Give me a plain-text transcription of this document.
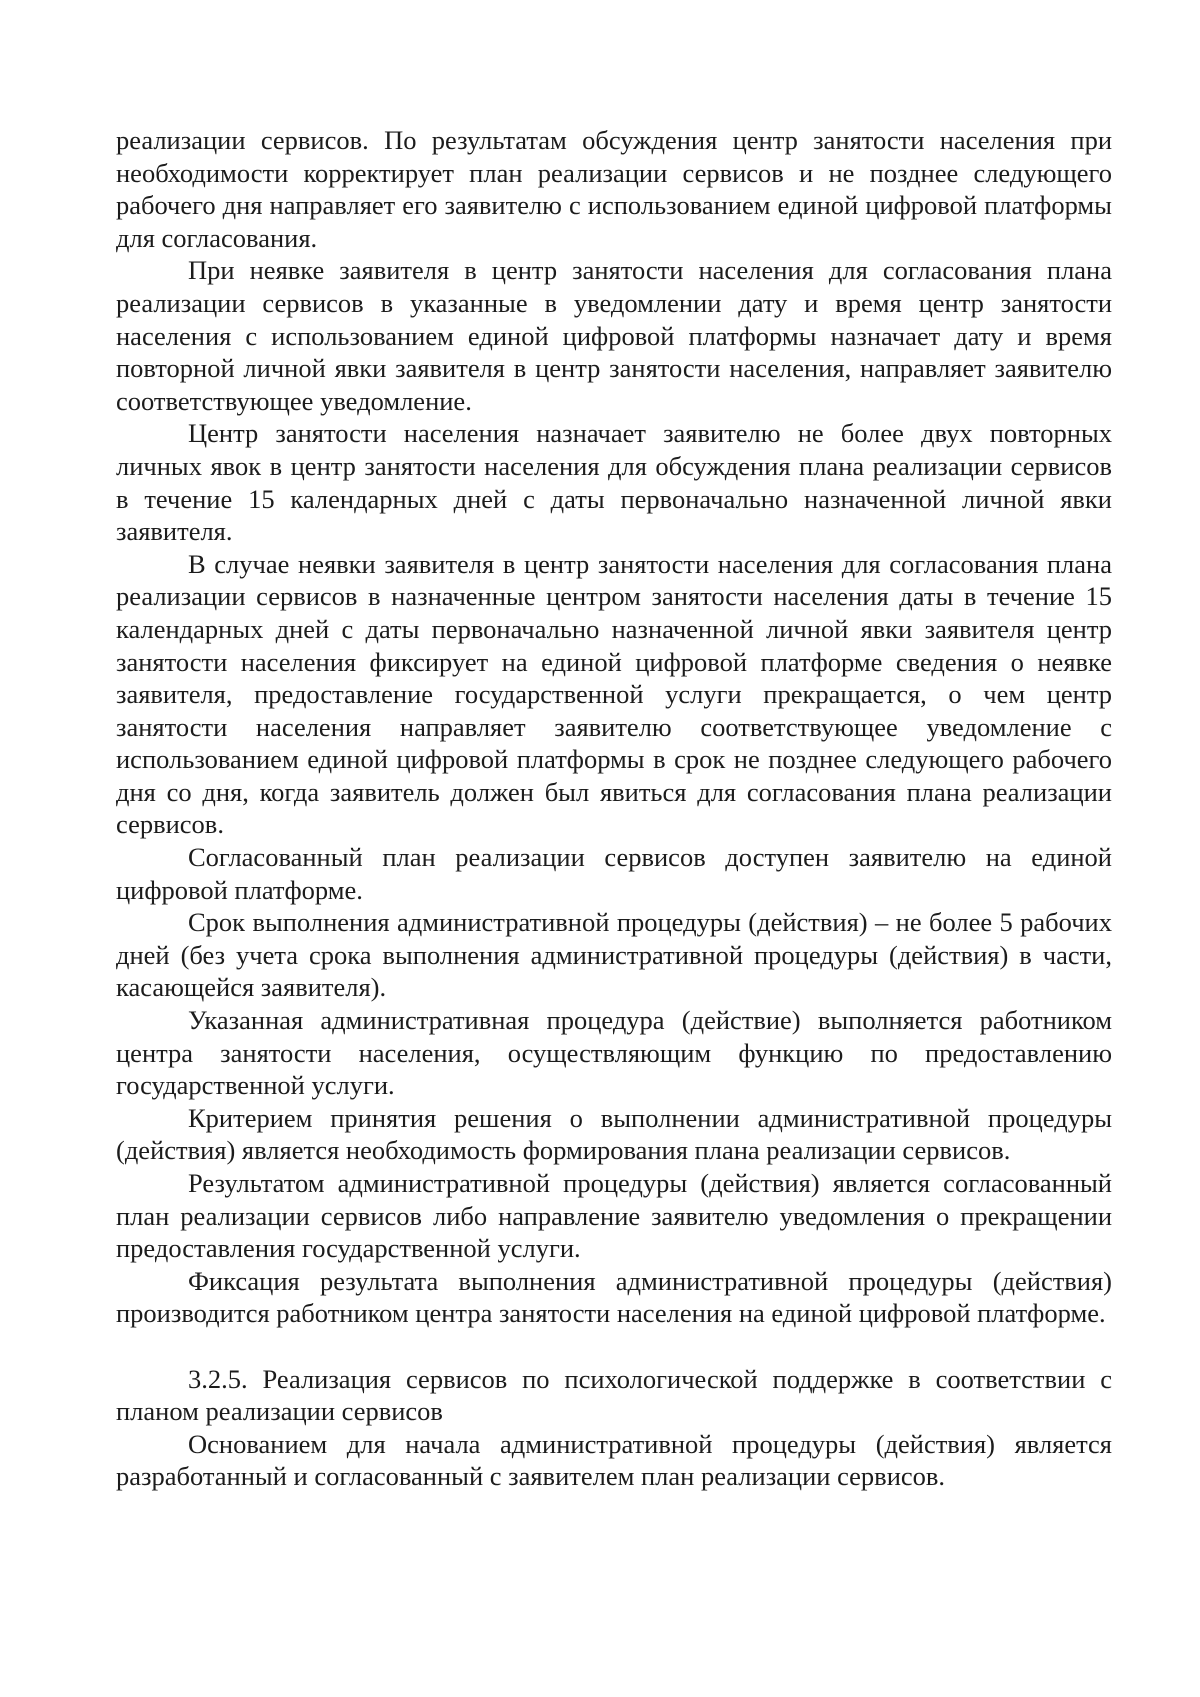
реализации сервисов. По результатам обсуждения центр занятости населения при необходимости корректирует план реализации сервисов и не позднее следующего рабочего дня направляет его заявителю с использованием единой цифровой платформы для согласования.

При неявке заявителя в центр занятости населения для согласования плана реализации сервисов в указанные в уведомлении дату и время центр занятости населения с использованием единой цифровой платформы назначает дату и время повторной личной явки заявителя в центр занятости населения, направляет заявителю соответствующее уведомление.

Центр занятости населения назначает заявителю не более двух повторных личных явок в центр занятости населения для обсуждения плана реализации сервисов в течение 15 календарных дней с даты первоначально назначенной личной явки заявителя.

В случае неявки заявителя в центр занятости населения для согласования плана реализации сервисов в назначенные центром занятости населения даты в течение 15 календарных дней с даты первоначально назначенной личной явки заявителя центр занятости населения фиксирует на единой цифровой платформе сведения о неявке заявителя, предоставление государственной услуги прекращается, о чем центр занятости населения направляет заявителю соответствующее уведомление с использованием единой цифровой платформы в срок не позднее следующего рабочего дня со дня, когда заявитель должен был явиться для согласования плана реализации сервисов.

Согласованный план реализации сервисов доступен заявителю на единой цифровой платформе.

Срок выполнения административной процедуры (действия) – не более 5 рабочих дней (без учета срока выполнения административной процедуры (действия) в части, касающейся заявителя).

Указанная административная процедура (действие) выполняется работником центра занятости населения, осуществляющим функцию по предоставлению государственной услуги.

Критерием принятия решения о выполнении административной процедуры (действия) является необходимость формирования плана реализации сервисов.

Результатом административной процедуры (действия) является согласованный план реализации сервисов либо направление заявителю уведомления о прекращении предоставления государственной услуги.

Фиксация результата выполнения административной процедуры (действия) производится работником центра занятости населения на единой цифровой платформе.

3.2.5. Реализация сервисов по психологической поддержке в соответствии с планом реализации сервисов

Основанием для начала административной процедуры (действия) является разработанный и согласованный с заявителем план реализации сервисов.
